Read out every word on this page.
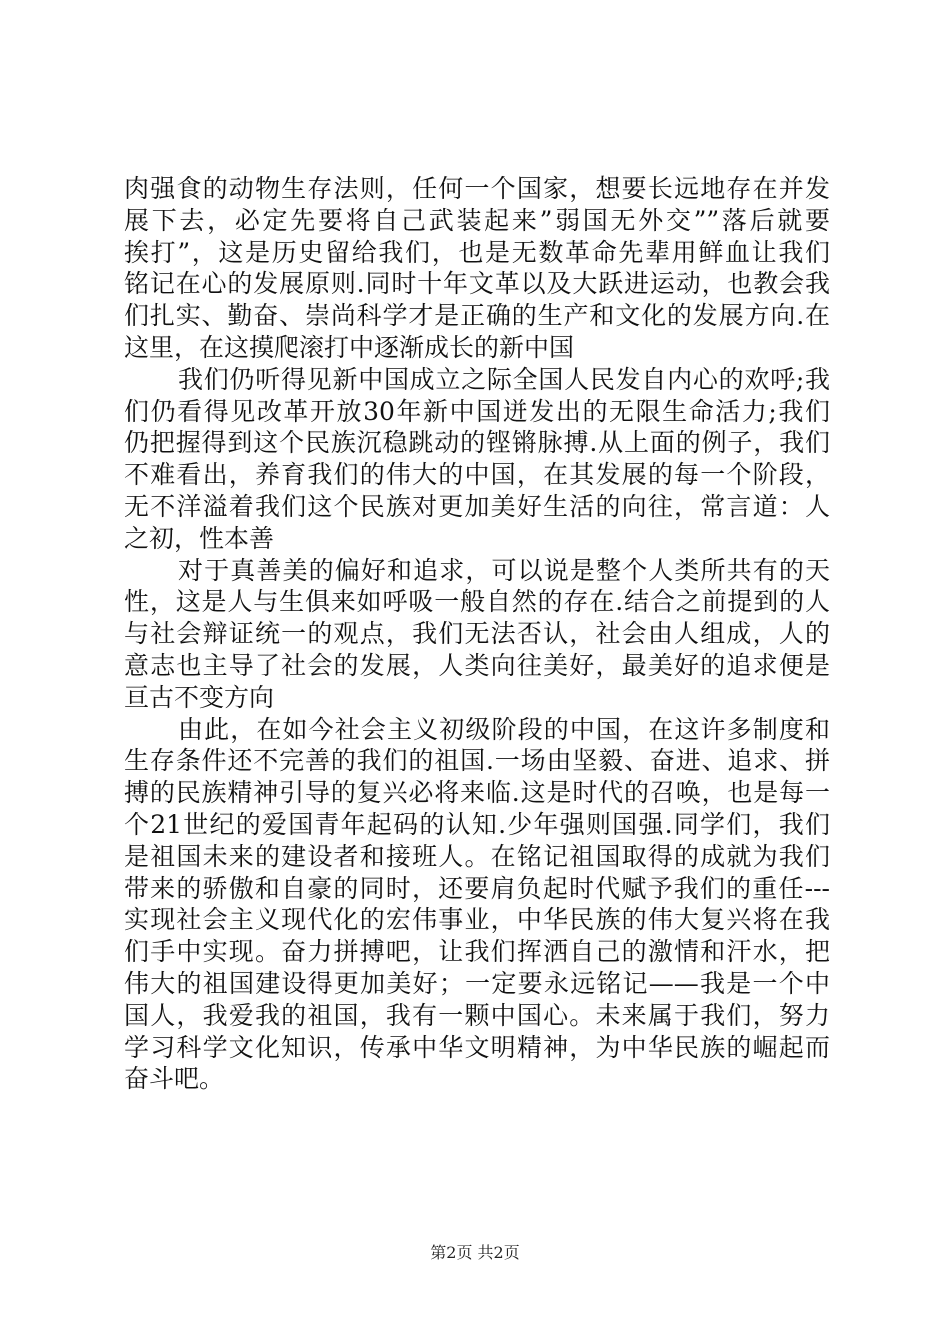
肉强食的动物生存法则，任何一个国家，想要长远地存在并发
展下去，必定先要将自己武装起来”弱国无外交””落后就要
挨打”，这是历史留给我们，也是无数革命先辈用鲜血让我们
铭记在心的发展原则.同时十年文革以及大跃进运动，也教会我
们扎实、勤奋、崇尚科学才是正确的生产和文化的发展方向.在
这里，在这摸爬滚打中逐渐成长的新中国
我们仍听得见新中国成立之际全国人民发自内心的欢呼;我
们仍看得见改革开放30年新中国迸发出的无限生命活力;我们
仍把握得到这个民族沉稳跳动的铿锵脉搏.从上面的例子，我们
不难看出，养育我们的伟大的中国，在其发展的每一个阶段，
无不洋溢着我们这个民族对更加美好生活的向往，常言道：人
之初，性本善
对于真善美的偏好和追求，可以说是整个人类所共有的天
性，这是人与生俱来如呼吸一般自然的存在.结合之前提到的人
与社会辩证统一的观点，我们无法否认，社会由人组成，人的
意志也主导了社会的发展，人类向往美好，最美好的追求便是
亘古不变方向
由此，在如今社会主义初级阶段的中国，在这许多制度和
生存条件还不完善的我们的祖国.一场由坚毅、奋进、追求、拼
搏的民族精神引导的复兴必将来临.这是时代的召唤，也是每一
个21世纪的爱国青年起码的认知.少年强则国强.同学们，我们
是祖国未来的建设者和接班人。在铭记祖国取得的成就为我们
带来的骄傲和自豪的同时，还要肩负起时代赋予我们的重任---
实现社会主义现代化的宏伟事业，中华民族的伟大复兴将在我
们手中实现。奋力拼搏吧，让我们挥洒自己的激情和汗水，把
伟大的祖国建设得更加美好；一定要永远铭记——我是一个中
国人，我爱我的祖国，我有一颗中国心。未来属于我们，努力
学习科学文化知识，传承中华文明精神，为中华民族的崛起而
奋斗吧。
第2页 共2页
